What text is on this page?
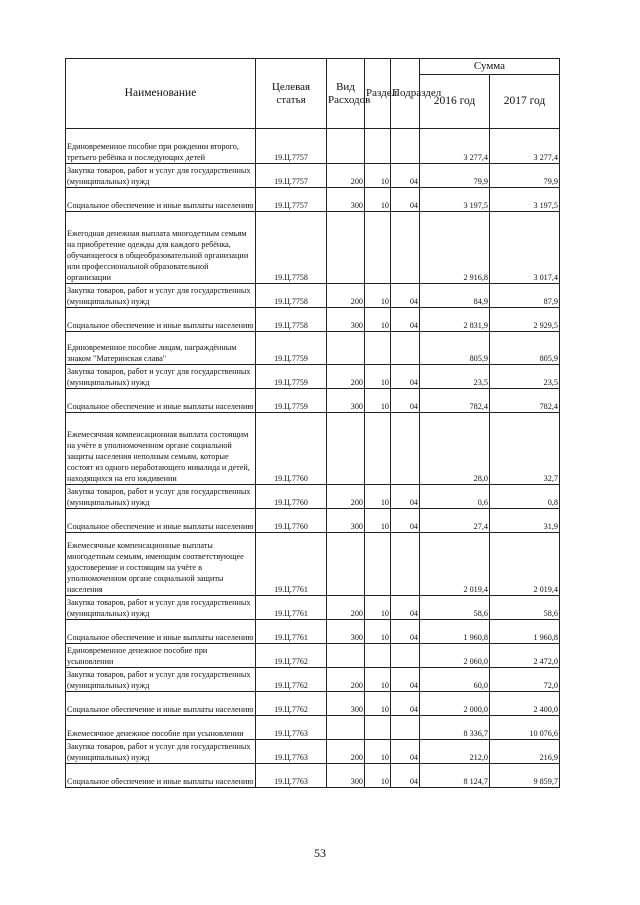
Наименование	Целевая статья	Вид Расходов	Раздел	Подраздел	Сумма	
					2016 год	2017 год
Единовременное пособие при рождении второго, третьего ребёнка и последующих детей	19.Ц.7757				3 277,4	3 277,4
Закупка товаров, работ и услуг для государственных (муниципальных) нужд	19.Ц.7757	200	10	04	79,9	79,9
Социальное обеспечение и иные выплаты населению	19.Ц.7757	300	10	04	3 197,5	3 197,5
Ежегодная денежная выплата многодетным семьям на приобретение одежды для каждого ребёнка, обучающегося в общеобразовательной организации или профессиональной образовательной организации	19.Ц.7758				2 916,8	3 017,4
Закупка товаров, работ и услуг для государственных (муниципальных) нужд	19.Ц.7758	200	10	04	84,9	87,9
Социальное обеспечение и иные выплаты населению	19.Ц.7758	300	10	04	2 831,9	2 929,5
Единовременное пособие лицам, награждённым знаком "Материнская слава"	19.Ц.7759				805,9	805,9
Закупка товаров, работ и услуг для государственных (муниципальных) нужд	19.Ц.7759	200	10	04	23,5	23,5
Социальное обеспечение и иные выплаты населению	19.Ц.7759	300	10	04	782,4	782,4
Ежемесячная компенсационная выплата состоящим на учёте в уполномоченном органе социальной защиты населения неполным семьям, которые состоят из одного неработающего инвалида и детей, находящихся на его иждивении	19.Ц.7760				28,0	32,7
Закупка товаров, работ и услуг для государственных (муниципальных) нужд	19.Ц.7760	200	10	04	0,6	0,8
Социальное обеспечение и иные выплаты населению	19.Ц.7760	300	10	04	27,4	31,9
Ежемесячные компенсационные выплаты многодетным семьям, имеющим соответствующее удостоверение и состоящим на учёте в уполномоченном органе социальной защиты населения	19.Ц.7761				2 019,4	2 019,4
Закупка товаров, работ и услуг для государственных (муниципальных) нужд	19.Ц.7761	200	10	04	58,6	58,6
Социальное обеспечение и иные выплаты населению	19.Ц.7761	300	10	04	1 960,8	1 960,8
Единовременное денежное пособие при усыновлении	19.Ц.7762				2 060,0	2 472,0
Закупка товаров, работ и услуг для государственных (муниципальных) нужд	19.Ц.7762	200	10	04	60,0	72,0
Социальное обеспечение и иные выплаты населению	19.Ц.7762	300	10	04	2 000,0	2 400,0
Ежемесячное денежное пособие при усыновлении	19.Ц.7763				8 336,7	10 076,6
Закупка товаров, работ и услуг для государственных (муниципальных) нужд	19.Ц.7763	200	10	04	212,0	216,9
Социальное обеспечение и иные выплаты населению	19.Ц.7763	300	10	04	8 124,7	9 859,7
53
